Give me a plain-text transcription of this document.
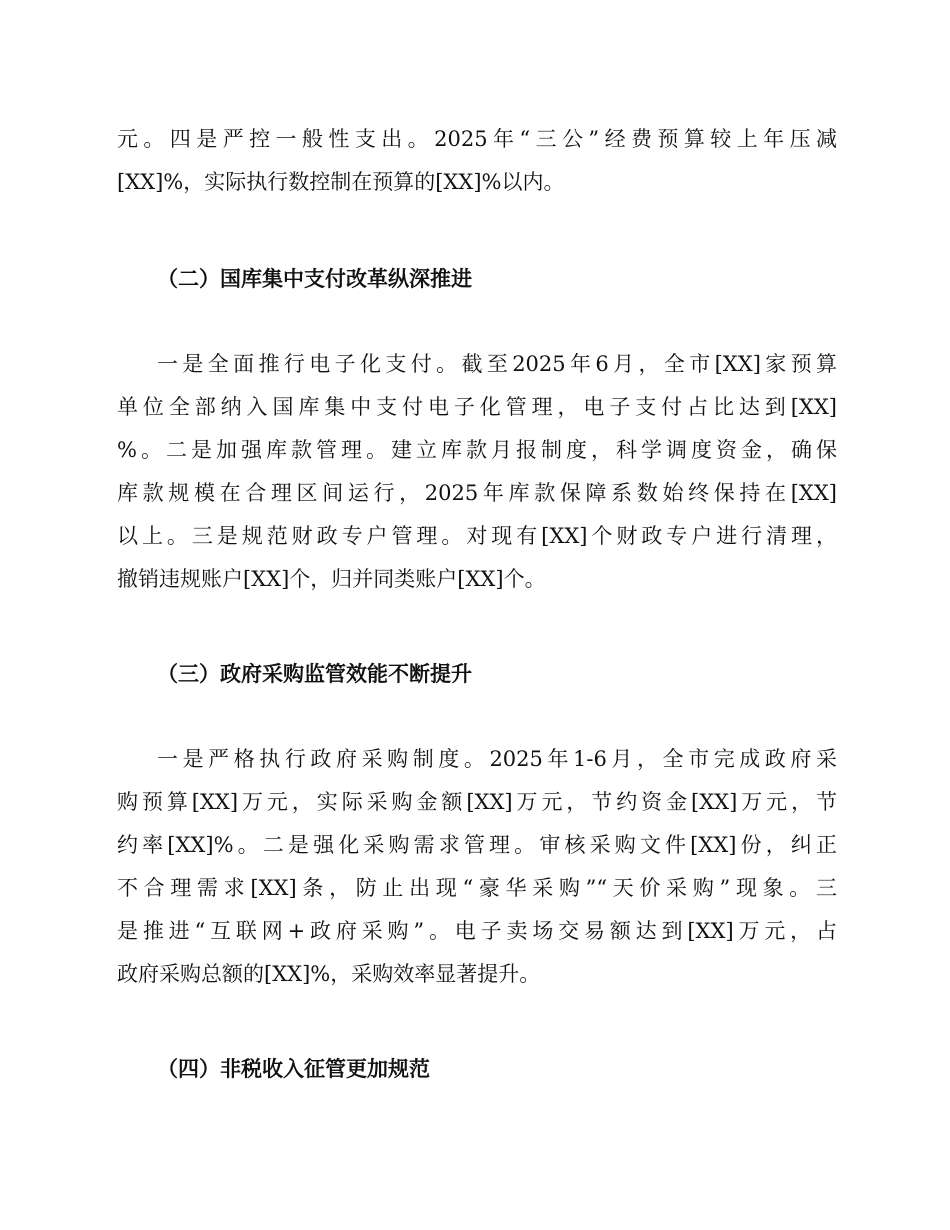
元。四是严控一般性支出。2025年“三公”经费预算较上年压减
[XX]%，实际执行数控制在预算的[XX]%以内。
（二）国库集中支付改革纵深推进
一是全面推行电子化支付。截至2025年6月，全市[XX]家预算
单位全部纳入国库集中支付电子化管理，电子支付占比达到[XX]
%。二是加强库款管理。建立库款月报制度，科学调度资金，确保
库款规模在合理区间运行，2025年库款保障系数始终保持在[XX]
以上。三是规范财政专户管理。对现有[XX]个财政专户进行清理，
撤销违规账户[XX]个，归并同类账户[XX]个。
（三）政府采购监管效能不断提升
一是严格执行政府采购制度。2025年1-6月，全市完成政府采
购预算[XX]万元，实际采购金额[XX]万元，节约资金[XX]万元，节
约率[XX]%。二是强化采购需求管理。审核采购文件[XX]份，纠正
不合理需求[XX]条，防止出现“豪华采购”“天价采购”现象。三
是推进“互联网+政府采购”。电子卖场交易额达到[XX]万元，占
政府采购总额的[XX]%，采购效率显著提升。
（四）非税收入征管更加规范
